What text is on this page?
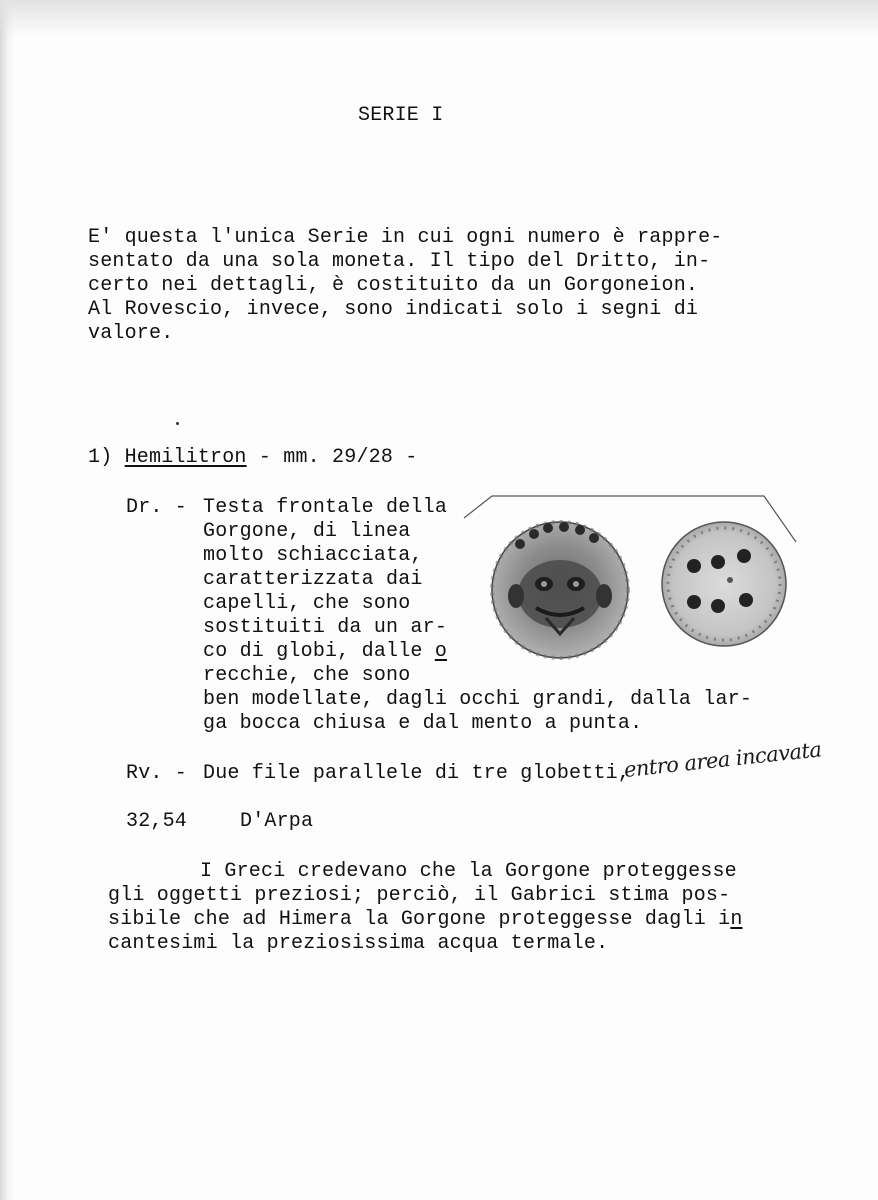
SERIE I
E' questa l'unica Serie in cui ogni numero è rappre-
sentato da una sola moneta. Il tipo del Dritto, in-
certo nei dettagli, è costituito da un Gorgoneion.
Al Rovescio, invece, sono indicati solo i segni di
valore.
1) Hemilitron - mm. 29/28 -
Dr. - Testa frontale della
Gorgone, di linea
molto schiacciata,
caratterizzata dai
capelli, che sono
sostituiti da un ar-
co di globi, dalle o
recchie, che sono
ben modellate, dagli occhi grandi, dalla lar-
ga bocca chiusa e dal mento a punta.
Rv. - Due file parallele di tre globetti,
entro area incavata
32,54	D'Arpa
I Greci credevano che la Gorgone proteggesse
gli oggetti preziosi; perciò, il Gabrici stima pos-
sibile che ad Himera la Gorgone proteggesse dagli in
cantesimi la preziosissima acqua termale.
